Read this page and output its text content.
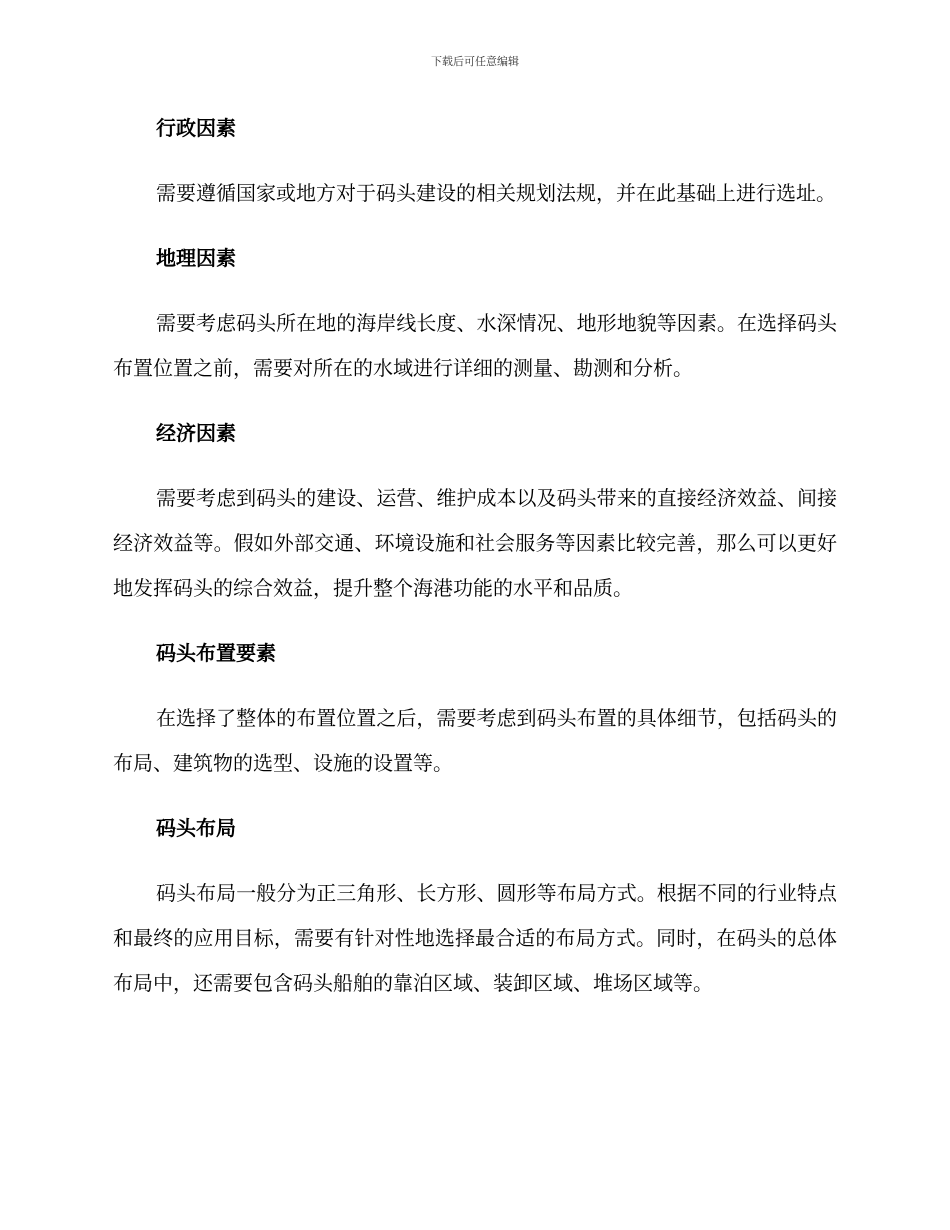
下载后可任意编辑
行政因素

需要遵循国家或地方对于码头建设的相关规划法规，并在此基础上进行选址。

地理因素

需要考虑码头所在地的海岸线长度、水深情况、地形地貌等因素。在选择码头布置位置之前，需要对所在的水域进行详细的测量、勘测和分析。

经济因素

需要考虑到码头的建设、运营、维护成本以及码头带来的直接经济效益、间接经济效益等。假如外部交通、环境设施和社会服务等因素比较完善，那么可以更好地发挥码头的综合效益，提升整个海港功能的水平和品质。

码头布置要素

在选择了整体的布置位置之后，需要考虑到码头布置的具体细节，包括码头的布局、建筑物的选型、设施的设置等。

码头布局

码头布局一般分为正三角形、长方形、圆形等布局方式。根据不同的行业特点和最终的应用目标，需要有针对性地选择最合适的布局方式。同时，在码头的总体布局中，还需要包含码头船舶的靠泊区域、装卸区域、堆场区域等。
